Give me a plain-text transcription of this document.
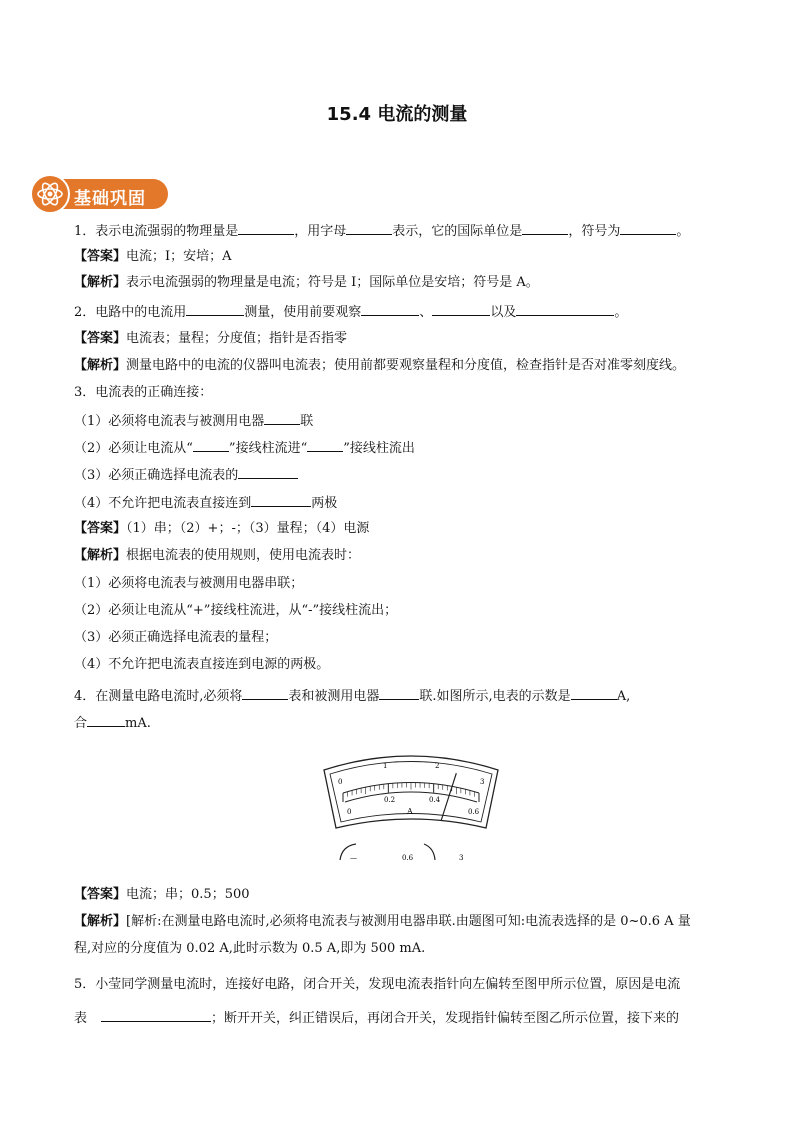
15.4 电流的测量
基础巩固
1．表示电流强弱的物理量是	，用字母	表示，它的国际单位是	，符号为	。
【答案】电流；I；安培；A
【解析】表示电流强弱的物理量是电流；符号是 I；国际单位是安培；符号是 A。
2．电路中的电流用	测量，使用前要观察	、	以及	。
【答案】电流表；量程；分度值；指针是否指零
【解析】测量电路中的电流的仪器叫电流表；使用前都要观察量程和分度值，检查指针是否对准零刻度线。
3．电流表的正确连接：
（1）必须将电流表与被测用电器	联
（2）必须让电流从“	”接线柱流进“	”接线柱流出
（3）必须正确选择电流表的
（4）不允许把电流表直接连到	两极
【答案】（1）串；（2）+；-；（3）量程；（4）电源
【解析】根据电流表的使用规则，使用电流表时：
（1）必须将电流表与被测用电器串联；
（2）必须让电流从“+”接线柱流进，从“-”接线柱流出；
（3）必须正确选择电流表的量程；
（4）不允许把电流表直接连到电源的两极。
4．在测量电路电流时,必须将	表和被测用电器	联.如图所示,电表的示数是	A,
合	mA.
0
1	2
3
0
0.2	0.4
0.6
A
—	0.6	3
【答案】电流；串；0.5；500
【解析】[解析:在测量电路电流时,必须将电流表与被测用电器串联.由题图可知:电流表选择的是 0~0.6 A 量
程,对应的分度值为 0.02 A,此时示数为 0.5 A,即为 500 mA.
5．小莹同学测量电流时，连接好电路，闭合开关，发现电流表指针向左偏转至图甲所示位置，原因是电流
表	；断开开关，纠正错误后，再闭合开关，发现指针偏转至图乙所示位置，接下来的
